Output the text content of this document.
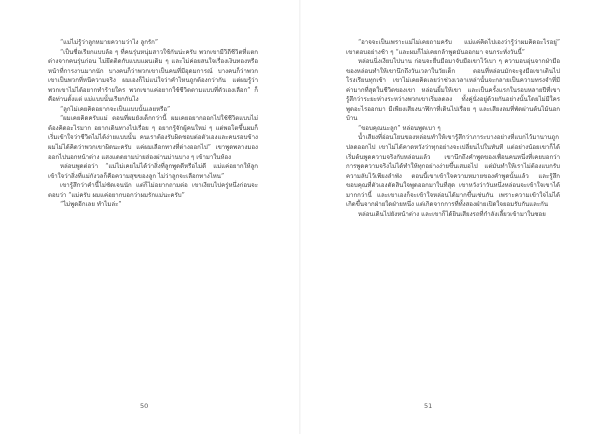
“แม่ไม่รู้ว่าลูกหมายความว่าไง ลูกรัก”

“เป็นชื่อเรียกแบบล้อ ๆ ที่คนรุ่นหนุ่มสาวใช้กันน่ะครับ พวกเขามีวิถีชีวิตที่แตกต่างจากคนรุ่นก่อน ไม่ยึดติดกับแบบแผนเดิม ๆ และไม่ค่อยสนใจเรื่องเงินทองหรือหน้าที่การงานมากนัก บางคนก็ว่าพวกเขาเป็นคนที่มีอุดมการณ์ บางคนก็ว่าพวกเขาเป็นพวกที่หนีความจริง ผมเองก็ไม่แน่ใจว่าคำไหนถูกต้องกว่ากัน แต่ผมรู้ว่าพวกเขาไม่ได้อยากทำร้ายใคร พวกเขาแค่อยากใช้ชีวิตตามแบบที่ตัวเองเลือก” ก็คือท่านตั้งแต่ แม่แบบนั้นเรียกกันไง

“ลูกไม่เคยคิดอยากจะเป็นแบบนั้นเลยหรือ”

“ผมเคยคิดครับแม่ ตอนที่ผมยังเด็กกว่านี้ ผมเคยอยากออกไปใช้ชีวิตแบบไม่ต้องคิดอะไรมาก อยากเดินทางไปเรื่อย ๆ อยากรู้จักผู้คนใหม่ ๆ แต่พอโตขึ้นผมก็เริ่มเข้าใจว่าชีวิตไม่ได้ง่ายแบบนั้น คนเราต้องรับผิดชอบต่อตัวเองและคนรอบข้าง ผมไม่ได้คิดว่าพวกเขาผิดนะครับ แค่ผมเลือกทางที่ต่างออกไป” เขาพูดพลางมองออกไปนอกหน้าต่าง แสงแดดยามบ่ายส่องผ่านม่านบาง ๆ เข้ามาในห้อง

หล่อนพูดต่อว่า “แม่ไม่เคยไม่ได้ว่าสิ่งที่ลูกพูดดีหรือไม่ดี แม่แค่อยากให้ลูกเข้าใจว่าสิ่งที่แม่กังวลก็คือความสุขของลูก ไม่ว่าลูกจะเลือกทางไหน”

เขารู้สึกว่าคำนี้ไม่ชัดเจนนัก แต่ก็ไม่อยากถามต่อ เขาเงียบไปครู่หนึ่งก่อนจะตอบว่า “แม่ครับ ผมแค่อยากบอกว่าผมรักแม่นะครับ”

“ไม่พูดอีกเลย ทำไมล่ะ”

50

“อาจจะเป็นเพราะแม่ไม่เคยถามครับ แม่แค่คิดไปเองว่ารู้ว่าผมคิดอะไรอยู่” เขาตอบอย่างช้า ๆ “และผมก็ไม่เคยกล้าพูดมันออกมา จนกระทั่งวันนี้”

หล่อนนิ่งเงียบไปนาน ก่อนจะยื่นมือมาจับมือเขาไว้เบา ๆ ความอบอุ่นจากฝ่ามือของหล่อนทำให้เขานึกถึงวันเวลาในวัยเด็ก ตอนที่หล่อนมักจะจูงมือเขาเดินไปโรงเรียนทุกเช้า เขาไม่เคยคิดเลยว่าช่วงเวลาเหล่านั้นจะกลายเป็นความทรงจำที่มีค่ามากที่สุดในชีวิตของเขา หล่อนยิ้มให้เขา และเป็นครั้งแรกในรอบหลายปีที่เขารู้สึกว่าระยะห่างระหว่างพวกเขาเริ่มลดลง ทั้งคู่นั่งอยู่ด้วยกันอย่างนั้นโดยไม่มีใครพูดอะไรออกมา มีเพียงเสียงนาฬิกาที่เดินไปเรื่อย ๆ และเสียงลมที่พัดผ่านต้นไม้นอกบ้าน

“ขอบคุณนะลูก” หล่อนพูดเบา ๆ

น้ำเสียงที่อ่อนโยนของหล่อนทำให้เขารู้สึกว่าภาระบางอย่างที่แบกไว้มานานถูกปลดออกไป เขาไม่ได้คาดหวังว่าทุกอย่างจะเปลี่ยนไปในทันที แต่อย่างน้อยเขาก็ได้เริ่มต้นพูดความจริงกับหล่อนแล้ว เขานึกถึงคำพูดของเพื่อนคนหนึ่งที่เคยบอกว่า การพูดความจริงไม่ได้ทำให้ทุกอย่างง่ายขึ้นเสมอไป แต่มันทำให้เราไม่ต้องแบกรับความลับไว้เพียงลำพัง ตอนนี้เขาเข้าใจความหมายของคำพูดนั้นแล้ว และรู้สึกขอบคุณที่ตัวเองตัดสินใจพูดออกมาในที่สุด เขาหวังว่าวันหนึ่งหล่อนจะเข้าใจเขาได้มากกว่านี้ และเขาเองก็จะเข้าใจหล่อนได้มากขึ้นเช่นกัน เพราะความเข้าใจไม่ได้เกิดขึ้นจากฝ่ายใดฝ่ายหนึ่ง แต่เกิดจากการที่ทั้งสองฝ่ายเปิดใจยอมรับกันและกัน

หล่อนเดินไปยังหน้าต่าง และเขาก็ได้ยินเสียงรถที่กำลังเลี้ยวเข้ามาในซอย

51
